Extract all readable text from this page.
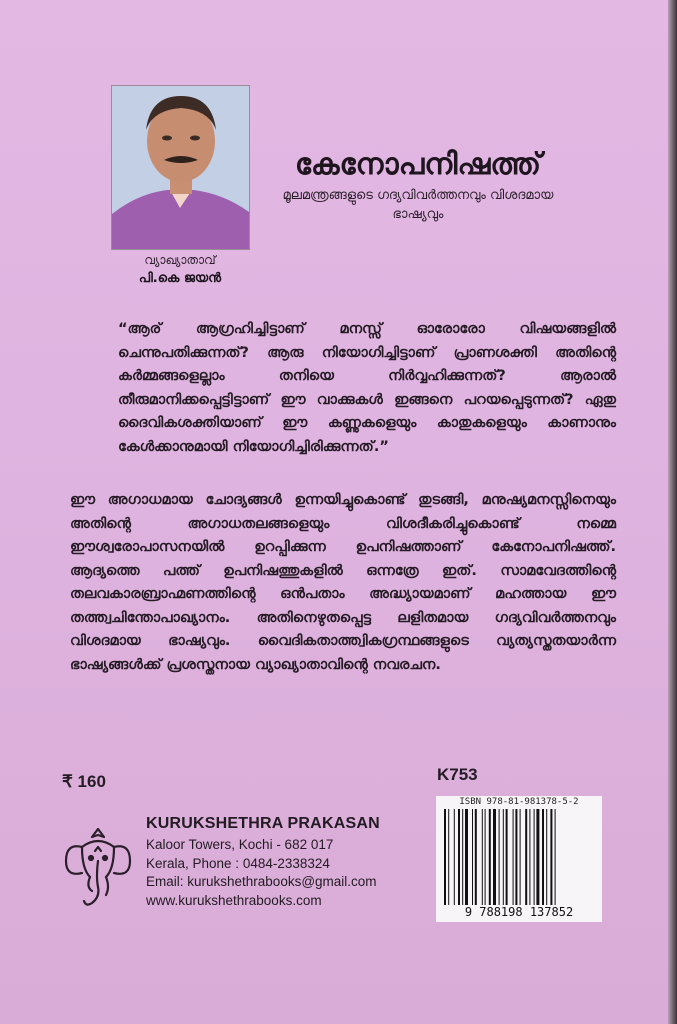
വ്യാഖ്യാതാവ്
പി.കെ ജയൻ
കേനോപനിഷത്ത്
മൂലമന്ത്രങ്ങളുടെ ഗദ്യവിവർത്തനവും വിശദമായ ഭാഷ്യവും
“ആര് ആഗ്രഹിച്ചിട്ടാണ് മനസ്സ് ഓരോരോ വിഷയങ്ങളിൽ ചെന്നുപതിക്കുന്നത്? ആരു നിയോഗിച്ചിട്ടാണ് പ്രാണശക്തി അതിന്റെ കർമ്മങ്ങളെല്ലാം തനിയെ നിർവ്വഹിക്കുന്നത്? ആരാൽ തീരുമാനിക്കപ്പെട്ടിട്ടാണ് ഈ വാക്കുകൾ ഇങ്ങനെ പറയപ്പെടുന്നത്? ഏതു ദൈവികശക്തിയാണ് ഈ കണ്ണുകളെയും കാതുകളെയും കാണാനും കേൾക്കാനുമായി നിയോഗിച്ചിരിക്കുന്നത്.”
ഈ അഗാധമായ ചോദ്യങ്ങൾ ഉന്നയിച്ചുകൊണ്ട് തുടങ്ങി, മനുഷ്യമനസ്സിനെയും അതിന്റെ അഗാധതലങ്ങളെയും വിശദീകരിച്ചുകൊണ്ട് നമ്മെ ഈശ്വരോപാസനയിൽ ഉറപ്പിക്കുന്ന ഉപനിഷത്താണ് കേനോപനിഷത്ത്. ആദ്യത്തെ പത്ത് ഉപനിഷത്തുകളിൽ ഒന്നത്രേ ഇത്. സാമവേദത്തിന്റെ തലവകാരബ്രാഹ്മണത്തിന്റെ ഒൻപതാം അദ്ധ്യായമാണ് മഹത്തായ ഈ തത്ത്വചിന്തോപാഖ്യാനം. അതിനെഴുതപ്പെട്ട ലളിതമായ ഗദ്യവിവർത്തനവും വിശദമായ ഭാഷ്യവും. വൈദികതാത്ത്വികഗ്രന്ഥങ്ങളുടെ വ്യത്യസ്തതയാർന്ന ഭാഷ്യങ്ങൾക്ക് പ്രശസ്തനായ വ്യാഖ്യാതാവിന്റെ നവരചന.
₹ 160	K753
KURUKSHETHRA PRAKASAN
Kaloor Towers, Kochi - 682 017
Kerala, Phone : 0484-2338324
Email: kurukshethrabooks@gmail.com
www.kurukshethrabooks.com
ISBN 978-81-981378-5-2
9 788198 137852
